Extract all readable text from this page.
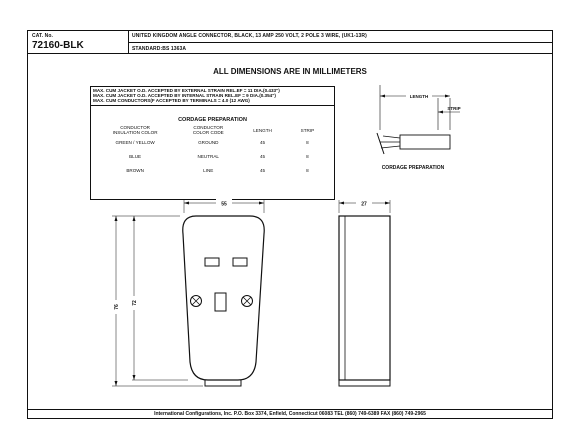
CAT. No.
72160-BLK
UNITED KINGDOM ANGLE CONNECTOR, BLACK, 13 AMP 250 VOLT, 2 POLE 3 WIRE, (UK1-13R)
STANDARD:BS 1363A
ALL DIMENSIONS ARE IN MILLIMETERS
MAX. CUM JACKET O.D. ACCEPTED BY EXTERNAL STRAIN REL.EF = 11 DIA.(0.433")
MAX. CUM JACKET O.D. ACCEPTED BY INTERNAL STRAIN REL.EF = 9 DIA.(0.354")
MAX. CUM CONDUCTORS(F ACCEPTED BY TERMINALS = 4.0 (12 AWG)
CORDAGE PREPARATION
CONDUCTOR
INSULATION COLOR	CONDUCTOR
COLOR CODE	LENGTH	STRIP
GREEN / YELLOW	GROUND	45	8
BLUE	NEUTRAL	45	8
BROWN	LINE	45	8
International Configurations, Inc. P.O. Box 3374, Enfield, Connecticut 06083 TEL (860) 749-6389 FAX (860) 749-2965
55	27
76
72
LENGTH
STRIP
CORDAGE PREPARATION
